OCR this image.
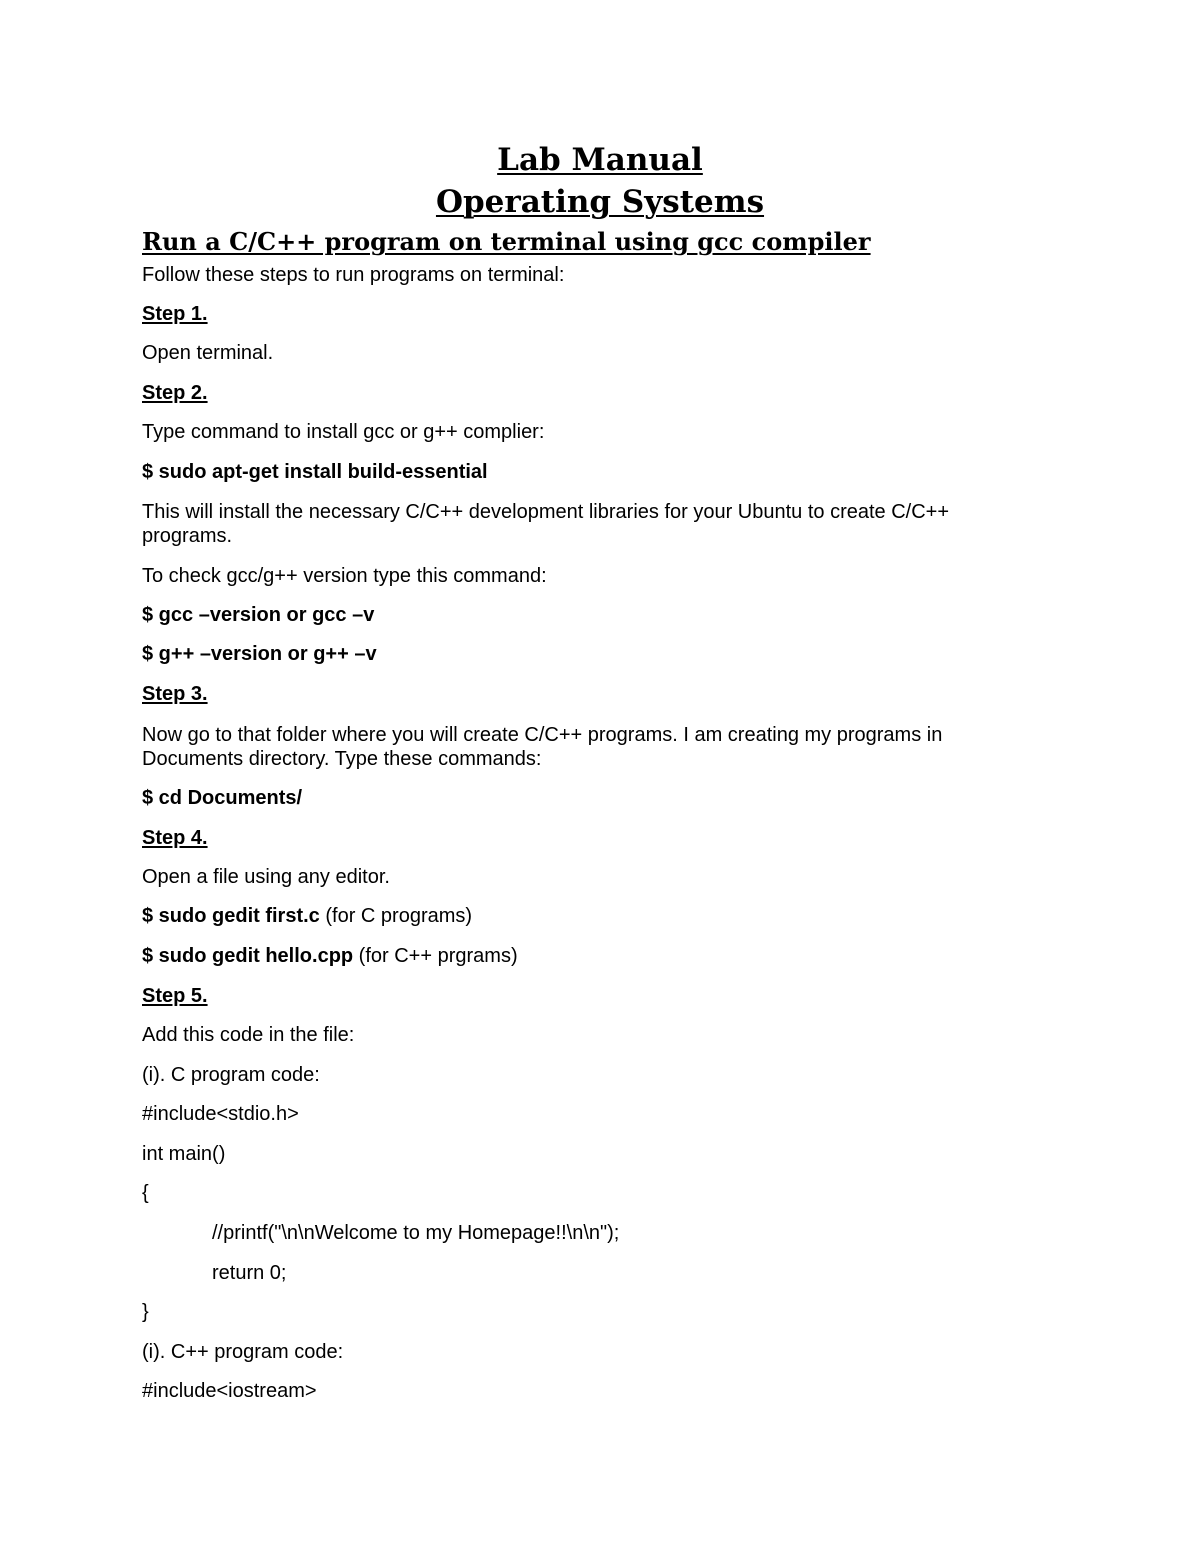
Lab Manual
Operating Systems
Run a C/C++ program on terminal using gcc compiler

Follow these steps to run programs on terminal:

Step 1.

Open terminal.

Step 2.

Type command to install gcc or g++ complier:

$ sudo apt-get install build-essential

This will install the necessary C/C++ development libraries for your Ubuntu to create C/C++ programs.

To check gcc/g++ version type this command:

$ gcc –version or gcc –v

$ g++ –version or g++ –v

Step 3.

Now go to that folder where you will create C/C++ programs. I am creating my programs in Documents directory. Type these commands:

$ cd Documents/

Step 4.

Open a file using any editor.

$ sudo gedit first.c (for C programs)

$ sudo gedit hello.cpp (for C++ prgrams)

Step 5.

Add this code in the file:

(i). C program code:

#include<stdio.h>

int main()

{

//printf("\n\nWelcome to my Homepage!!\n\n");

return 0;

}

(i). C++ program code:

#include<iostream>
